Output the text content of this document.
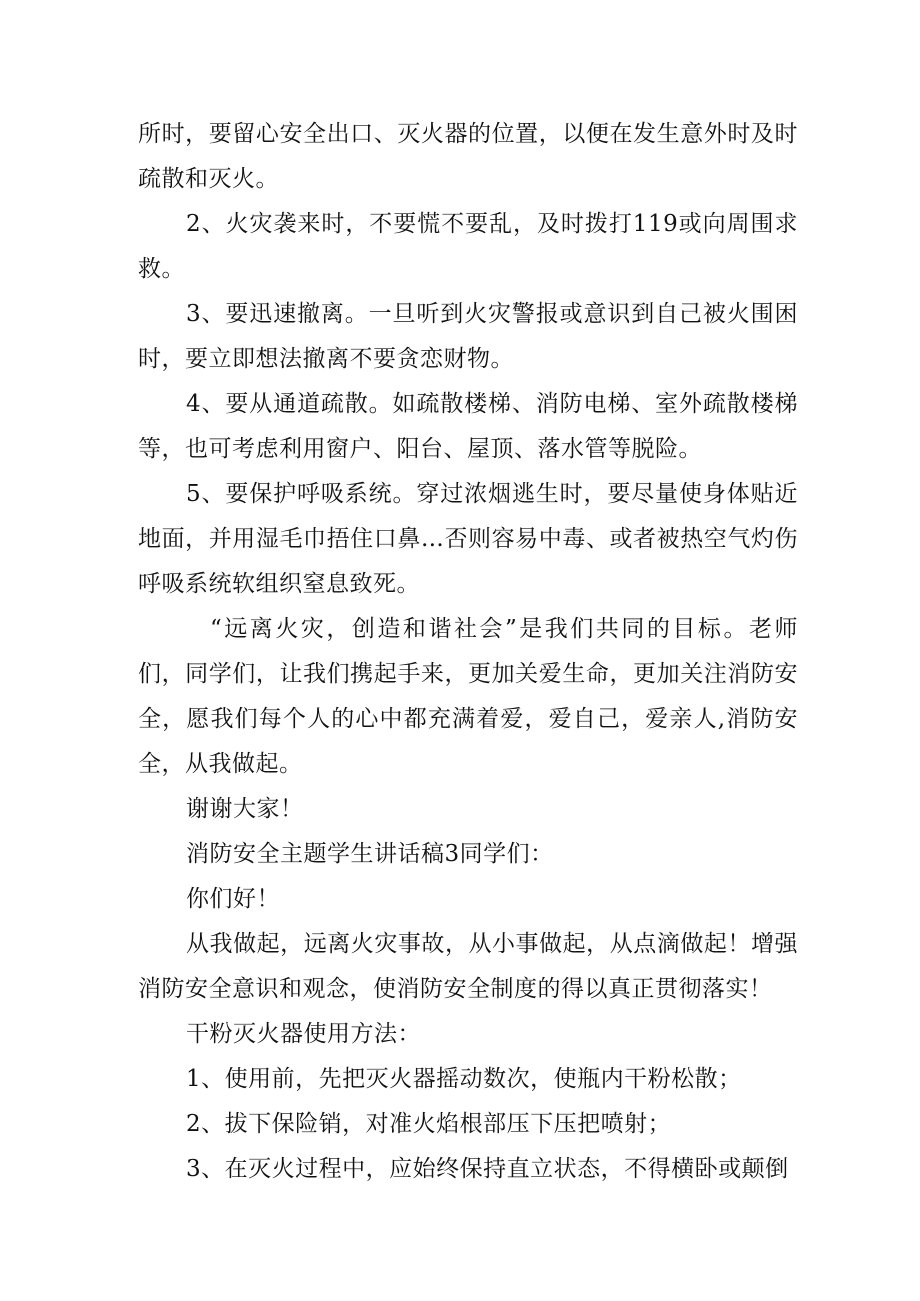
所时，要留心安全出口、灭火器的位置，以便在发生意外时及时疏散和灭火。

2、火灾袭来时，不要慌不要乱，及时拨打119或向周围求救。

3、要迅速撤离。一旦听到火灾警报或意识到自己被火围困时，要立即想法撤离不要贪恋财物。

4、要从通道疏散。如疏散楼梯、消防电梯、室外疏散楼梯等，也可考虑利用窗户、阳台、屋顶、落水管等脱险。

5、要保护呼吸系统。穿过浓烟逃生时，要尽量使身体贴近地面，并用湿毛巾捂住口鼻…否则容易中毒、或者被热空气灼伤呼吸系统软组织窒息致死。

“远离火灾，创造和谐社会”是我们共同的目标。老师们，同学们，让我们携起手来，更加关爱生命，更加关注消防安全，愿我们每个人的心中都充满着爱，爱自己，爱亲人,消防安全，从我做起。

谢谢大家！

消防安全主题学生讲话稿3同学们：

你们好！

从我做起，远离火灾事故，从小事做起，从点滴做起！增强消防安全意识和观念，使消防安全制度的得以真正贯彻落实！

干粉灭火器使用方法：

1、使用前，先把灭火器摇动数次，使瓶内干粉松散；

2、拔下保险销，对准火焰根部压下压把喷射；

3、在灭火过程中，应始终保持直立状态，不得横卧或颠倒
